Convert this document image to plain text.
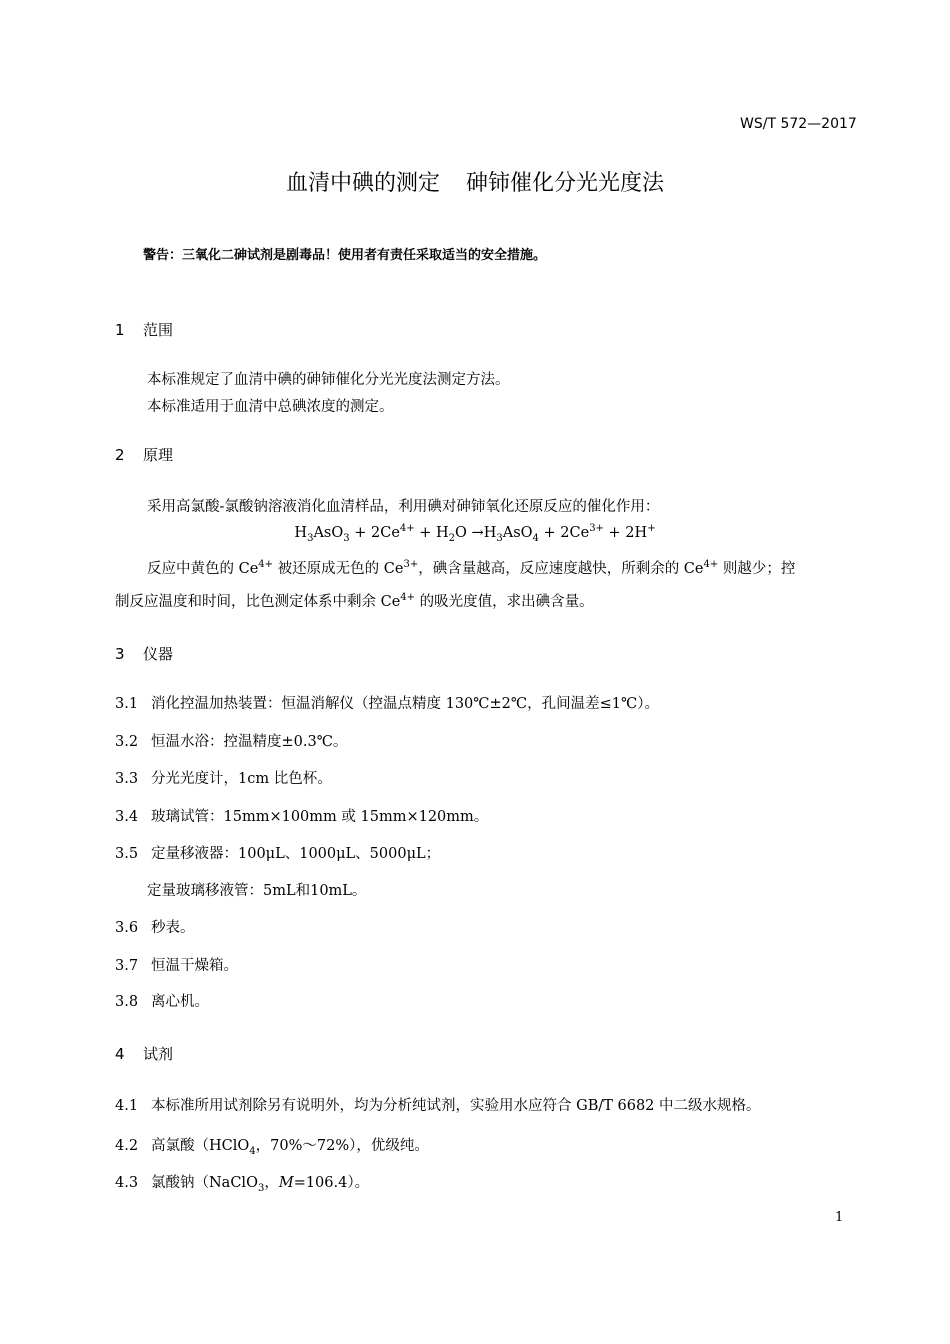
WS/T 572—2017
血清中碘的测定 砷铈催化分光光度法
警告：三氧化二砷试剂是剧毒品！使用者有责任采取适当的安全措施。
1 范围
本标准规定了血清中碘的砷铈催化分光光度法测定方法。
本标准适用于血清中总碘浓度的测定。
2 原理
采用高氯酸-氯酸钠溶液消化血清样品，利用碘对砷铈氧化还原反应的催化作用：
$H_3AsO_3 + 2Ce^{4+} + H_2O \to H_3AsO_4 + 2Ce^{3+} + 2H^+$
反应中黄色的 $Ce^{4+}$ 被还原成无色的 $Ce^{3+}$，碘含量越高，反应速度越快，所剩余的 $Ce^{4+}$ 则越少；控
制反应温度和时间，比色测定体系中剩余 $Ce^{4+}$ 的吸光度值，求出碘含量。
3 仪器
3.1 消化控温加热装置：恒温消解仪（控温点精度 130℃±2℃，孔间温差≤1℃）。
3.2 恒温水浴：控温精度±0.3℃。
3.3 分光光度计，1cm 比色杯。
3.4 玻璃试管：15mm×100mm 或 15mm×120mm。
3.5 定量移液器：100μL、1000μL、5000μL；
定量玻璃移液管：5mL和10mL。
3.6 秒表。
3.7 恒温干燥箱。
3.8 离心机。
4 试剂
4.1 本标准所用试剂除另有说明外，均为分析纯试剂，实验用水应符合 GB/T 6682 中二级水规格。
4.2 高氯酸（HClO$_4$，70%～72%），优级纯。
4.3 氯酸钠（NaClO$_3$，M=106.4）。
1
